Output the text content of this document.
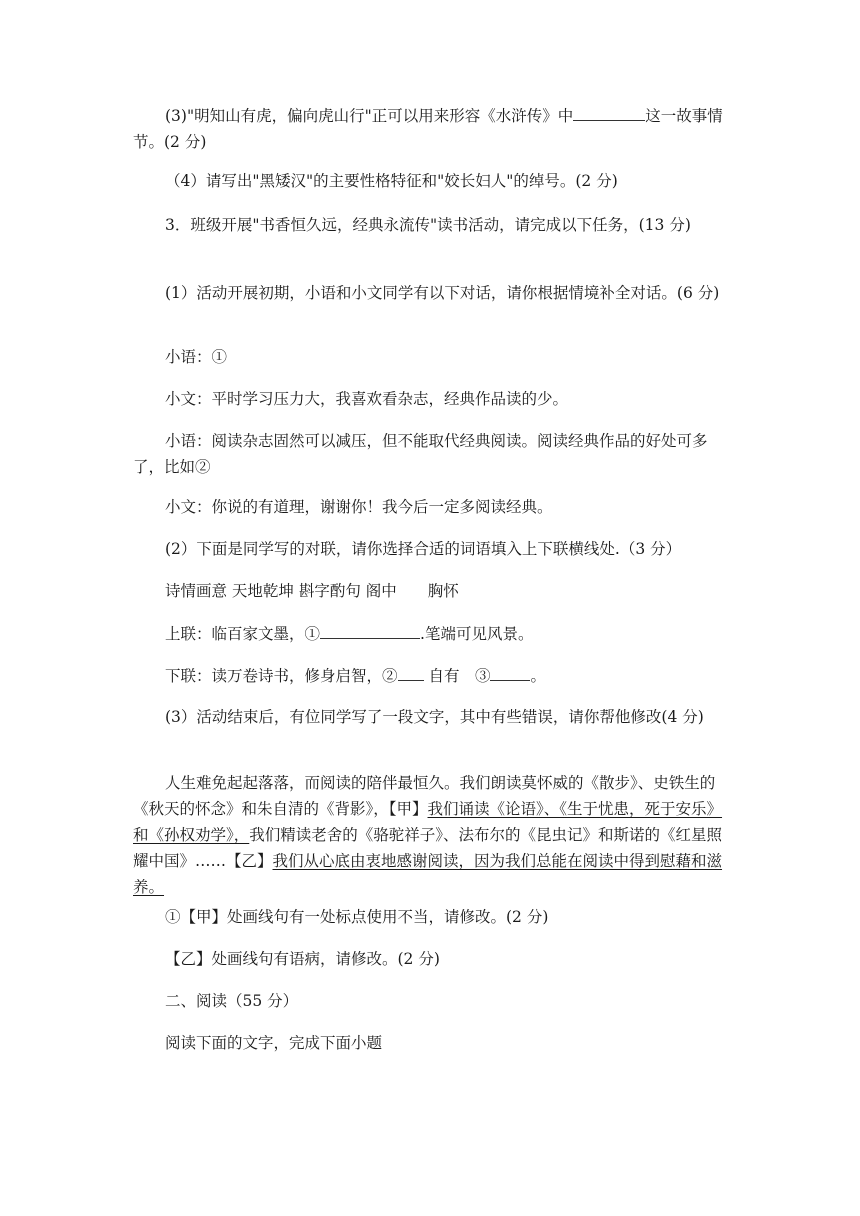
(3)"明知山有虎，偏向虎山行"正可以用来形容《水浒传》中	这一故事情节。(2 分)

（4）请写出"黑矮汉"的主要性格特征和"姣长妇人"的绰号。(2 分)

3．班级开展"书香恒久远，经典永流传"读书活动，请完成以下任务，(13 分)

(1）活动开展初期，小语和小文同学有以下对话，请你根据情境补全对话。(6 分)

小语：①

小文：平时学习压力大，我喜欢看杂志，经典作品读的少。

小语：阅读杂志固然可以减压，但不能取代经典阅读。阅读经典作品的好处可多了，比如②

小文：你说的有道理，谢谢你！我今后一定多阅读经典。

(2）下面是同学写的对联，请你选择合适的词语填入上下联横线处.（3 分）

诗情画意 天地乾坤 斟字酌句 阁中　　胸怀

上联：临百家文墨，①	.笔端可见风景。

下联：读万卷诗书，修身启智，② 自有　③	。

(3）活动结束后，有位同学写了一段文字，其中有些错误，请你帮他修改(4 分)

人生难免起起落落，而阅读的陪伴最恒久。我们朗读莫怀威的《散步》、史铁生的《秋天的怀念》和朱自清的《背影》，【甲】我们诵读《论语》、《生于忧患，死于安乐》和《孙权劝学》，我们精读老舍的《骆驼祥子》、法布尔的《昆虫记》和斯诺的《红星照耀中国》……【乙】我们从心底由衷地感谢阅读，因为我们总能在阅读中得到慰藉和滋养。

①【甲】处画线句有一处标点使用不当，请修改。(2 分)

【乙】处画线句有语病，请修改。(2 分)

二、阅读（55 分）

阅读下面的文字，完成下面小题
